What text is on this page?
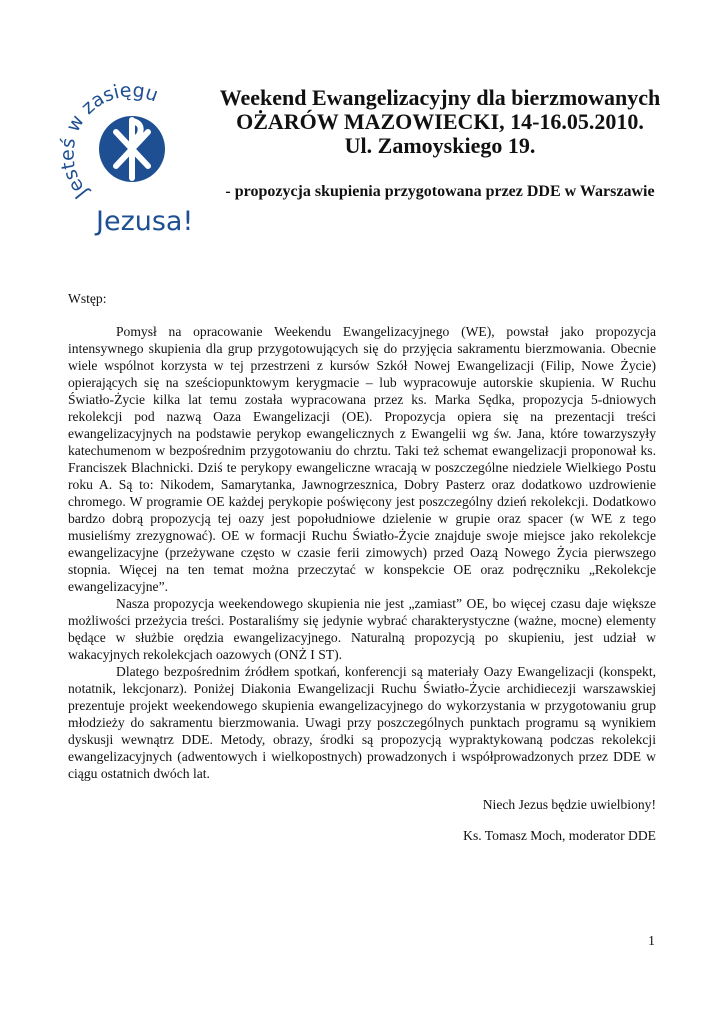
Jesteś w zasięgu
Jezusa!

Weekend Ewangelizacyjny dla bierzmowanych

OŻARÓW MAZOWIECKI, 14-16.05.2010.

Ul. Zamoyskiego 19.

- propozycja skupienia przygotowana przez DDE w Warszawie

Wstęp:

Pomysł na opracowanie Weekendu Ewangelizacyjnego (WE), powstał jako propozycja intensywnego skupienia dla grup przygotowujących się do przyjęcia sakramentu bierzmowania. Obecnie wiele wspólnot korzysta w tej przestrzeni z kursów Szkół Nowej Ewangelizacji (Filip, Nowe Życie) opierających się na sześciopunktowym kerygmacie – lub wypracowuje autorskie skupienia. W Ruchu Światło-Życie kilka lat temu została wypracowana przez ks. Marka Sędka, propozycja 5-dniowych rekolekcji pod nazwą Oaza Ewangelizacji (OE). Propozycja opiera się na prezentacji treści ewangelizacyjnych na podstawie perykop ewangelicznych z Ewangelii wg św. Jana, które towarzyszyły katechumenom w bezpośrednim przygotowaniu do chrztu. Taki też schemat ewangelizacji proponował ks. Franciszek Blachnicki. Dziś te perykopy ewangeliczne wracają w poszczególne niedziele Wielkiego Postu roku A. Są to: Nikodem, Samarytanka, Jawnogrzesznica, Dobry Pasterz oraz dodatkowo uzdrowienie chromego. W programie OE każdej perykopie poświęcony jest poszczególny dzień rekolekcji. Dodatkowo bardzo dobrą propozycją tej oazy jest popołudniowe dzielenie w grupie oraz spacer (w WE z tego musieliśmy zrezygnować). OE w formacji Ruchu Światło-Życie znajduje swoje miejsce jako rekolekcje ewangelizacyjne (przeżywane często w czasie ferii zimowych) przed Oazą Nowego Życia pierwszego stopnia. Więcej na ten temat można przeczytać w konspekcie OE oraz podręczniku „Rekolekcje ewangelizacyjne”.

Nasza propozycja weekendowego skupienia nie jest „zamiast” OE, bo więcej czasu daje większe możliwości przeżycia treści. Postaraliśmy się jedynie wybrać charakterystyczne (ważne, mocne) elementy będące w służbie orędzia ewangelizacyjnego. Naturalną propozycją po skupieniu, jest udział w wakacyjnych rekolekcjach oazowych (ONŻ I ST).

Dlatego bezpośrednim źródłem spotkań, konferencji są materiały Oazy Ewangelizacji (konspekt, notatnik, lekcjonarz). Poniżej Diakonia Ewangelizacji Ruchu Światło-Życie archidiecezji warszawskiej prezentuje projekt weekendowego skupienia ewangelizacyjnego do wykorzystania w przygotowaniu grup młodzieży do sakramentu bierzmowania. Uwagi przy poszczególnych punktach programu są wynikiem dyskusji wewnątrz DDE. Metody, obrazy, środki są propozycją wypraktykowaną podczas rekolekcji ewangelizacyjnych (adwentowych i wielkopostnych) prowadzonych i współprowadzonych przez DDE w ciągu ostatnich dwóch lat.

Niech Jezus będzie uwielbiony!

Ks. Tomasz Moch, moderator DDE

1
